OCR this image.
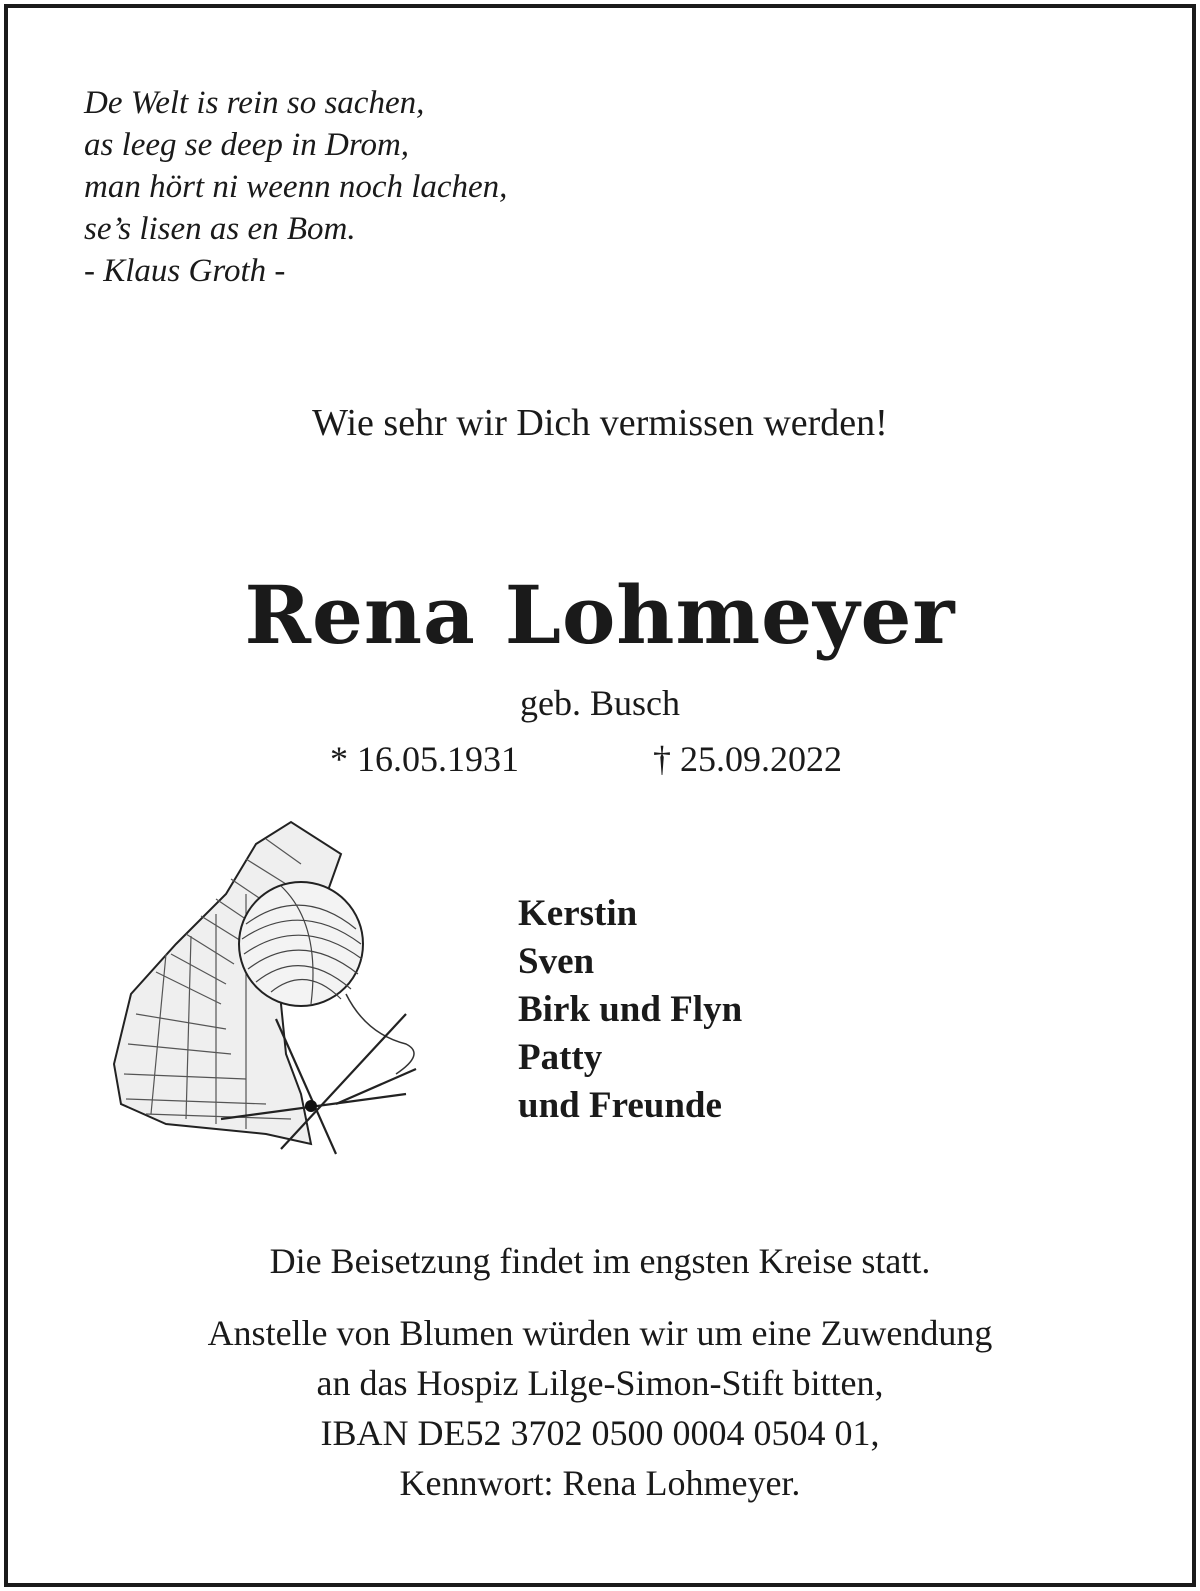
De Welt is rein so sachen,
as leeg se deep in Drom,
man hört ni weenn noch lachen,
se’s lisen as en Bom.
- Klaus Groth -
Wie sehr wir Dich vermissen werden!
Rena Lohmeyer
geb. Busch
* 16.05.1931	† 25.09.2022
Kerstin
Sven
Birk und Flyn
Patty
und Freunde
Die Beisetzung findet im engsten Kreise statt.
Anstelle von Blumen würden wir um eine Zuwendung
an das Hospiz Lilge-Simon-Stift bitten,
IBAN DE52 3702 0500 0004 0504 01,
Kennwort: Rena Lohmeyer.
